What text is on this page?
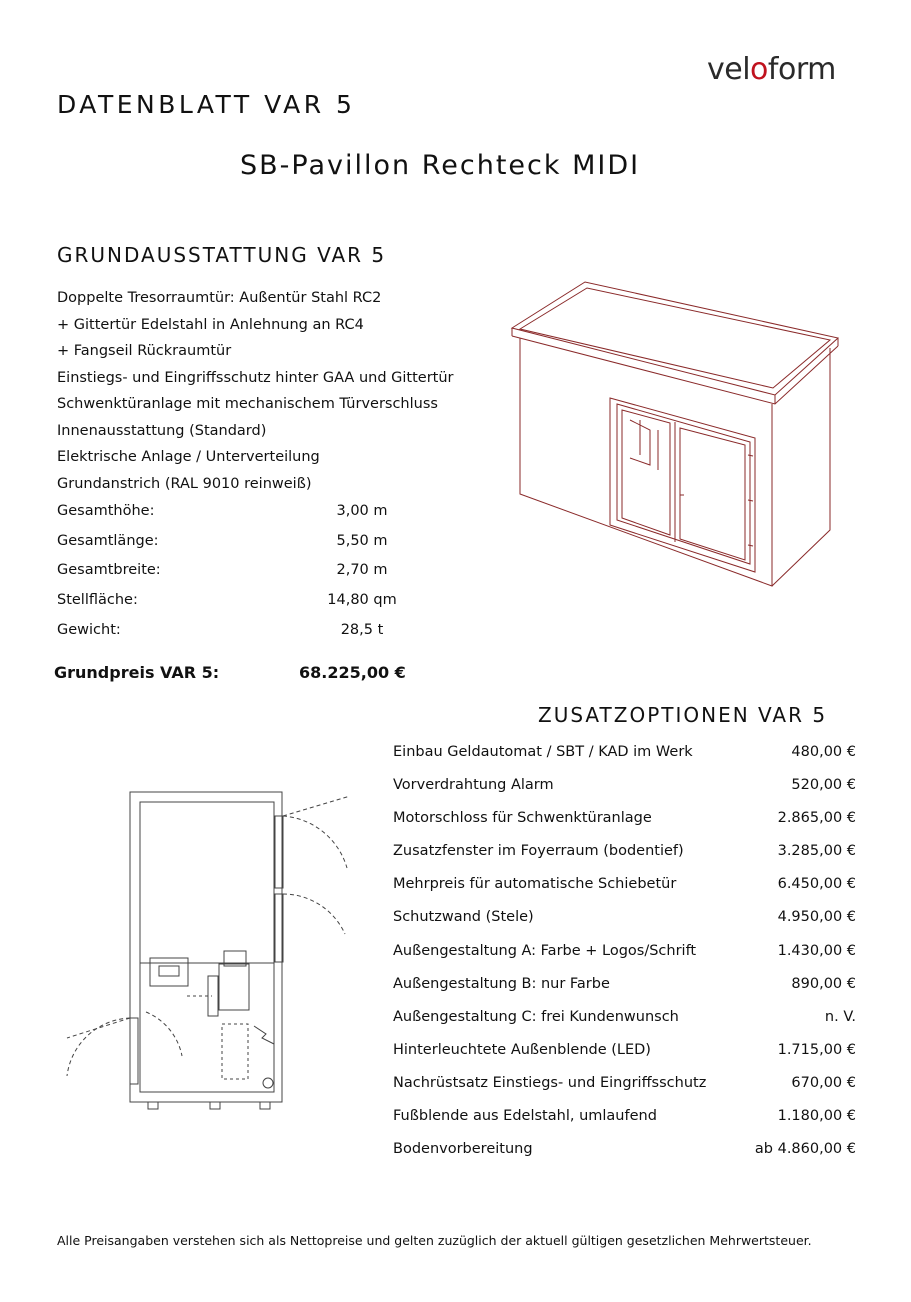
veloform
DATENBLATT VAR 5
SB-Pavillon Rechteck MIDI
GRUNDAUSSTATTUNG VAR 5
Doppelte Tresorraumtür: Außentür Stahl RC2
+ Gittertür Edelstahl in Anlehnung an RC4
+ Fangseil Rückraumtür
Einstiegs- und Eingriffsschutz hinter GAA und Gittertür
Schwenktüranlage mit mechanischem Türverschluss
Innenausstattung (Standard)
Elektrische Anlage / Unterverteilung
Grundanstrich (RAL 9010 reinweiß)
Gesamthöhe:	3,00 m
Gesamtlänge:	5,50 m
Gesamtbreite:	2,70 m
Stellfläche:	14,80 qm
Gewicht:	28,5 t
Grundpreis VAR 5:	68.225,00 €
ZUSATZOPTIONEN VAR 5
Einbau Geldautomat / SBT / KAD im Werk	480,00 €
Vorverdrahtung Alarm	520,00 €
Motorschloss für Schwenktüranlage	2.865,00 €
Zusatzfenster im Foyerraum (bodentief)	3.285,00 €
Mehrpreis für automatische Schiebetür	6.450,00 €
Schutzwand (Stele)	4.950,00 €
Außengestaltung A: Farbe + Logos/Schrift	1.430,00 €
Außengestaltung B: nur Farbe	890,00 €
Außengestaltung C: frei Kundenwunsch	n. V.
Hinterleuchtete Außenblende (LED)	1.715,00 €
Nachrüstsatz Einstiegs- und Eingriffsschutz	670,00 €
Fußblende aus Edelstahl, umlaufend	1.180,00 €
Bodenvorbereitung	ab 4.860,00 €
Alle Preisangaben verstehen sich als Nettopreise und gelten zuzüglich der aktuell gültigen gesetzlichen Mehrwertsteuer.
